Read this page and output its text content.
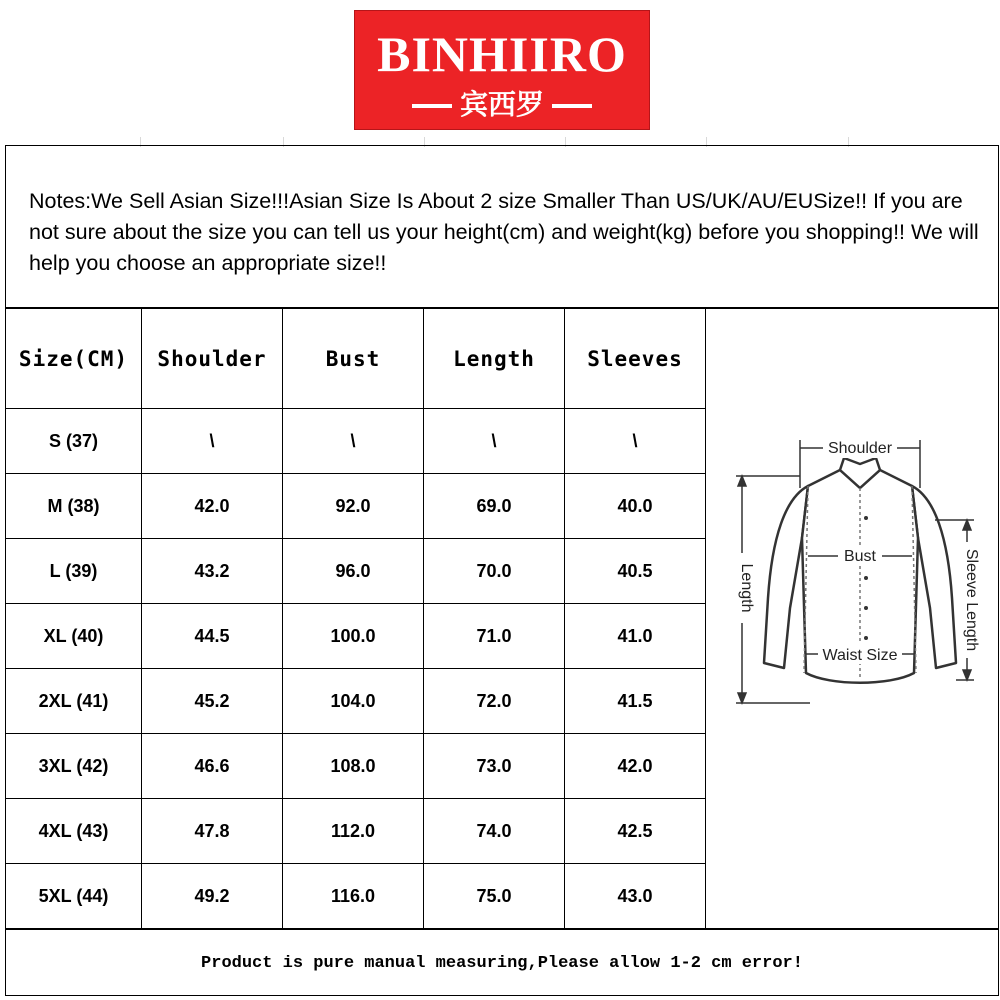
BINHIIRO
宾西罗
Notes:We Sell Asian Size!!!Asian Size Is About 2 size Smaller Than US/UK/AU/EUSize!! If you are not sure about the size you can tell us your height(cm) and weight(kg) before you shopping!! We will help you choose an appropriate size!!
Size(CM)	Shoulder	Bust	Length	Sleeves
S (37)	\	\	\	\
M (38)	42.0	92.0	69.0	40.0
L (39)	43.2	96.0	70.0	40.5
XL (40)	44.5	100.0	71.0	41.0
2XL (41)	45.2	104.0	72.0	41.5
3XL (42)	46.6	108.0	73.0	42.0
4XL (43)	47.8	112.0	74.0	42.5
5XL (44)	49.2	116.0	75.0	43.0
Shoulder
Bust
Waist Size
Length	Sleeve Length
Product is pure manual measuring,Please allow 1-2 cm error!
